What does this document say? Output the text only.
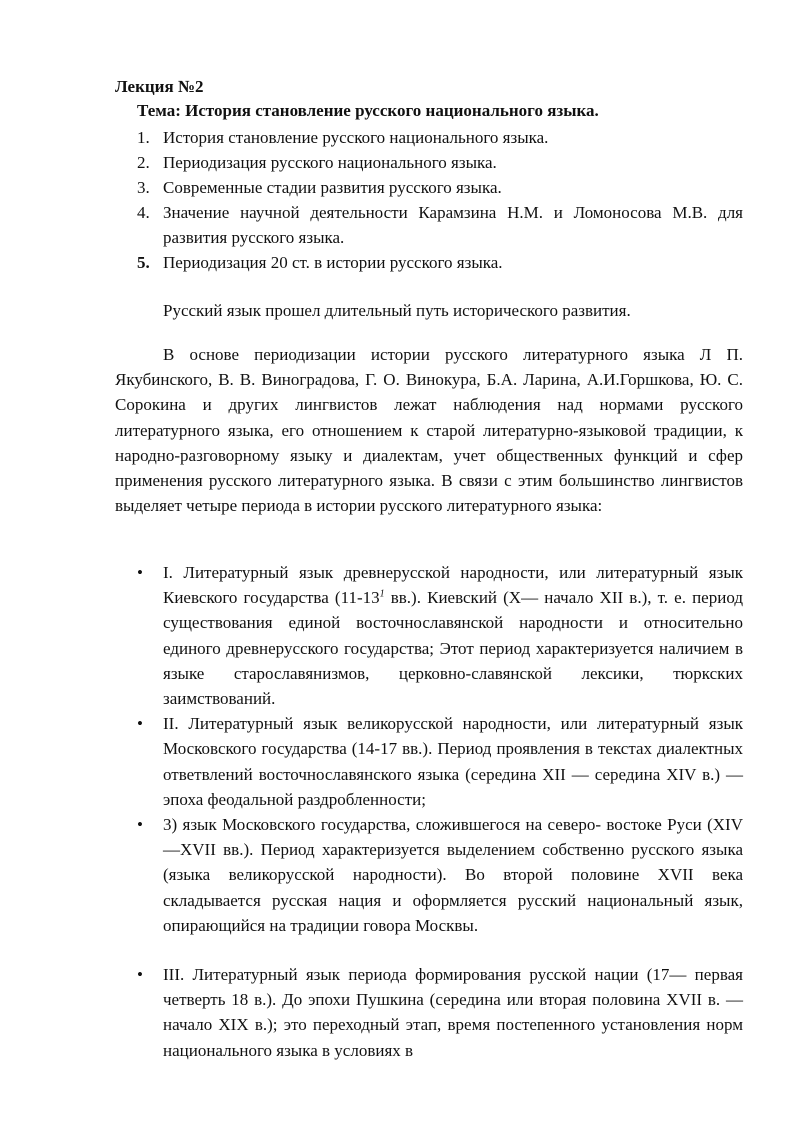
Лекция №2

Тема: История становление русского национального языка.

1. История становление русского национального языка.
2. Периодизация русского национального языка.
3. Современные стадии развития русского языка.
4. Значение научной деятельности Карамзина Н.М. и Ломоносова М.В. для развития русского языка.
5. Периодизация 20 ст. в истории русского языка.

Русский язык прошел длительный путь исторического развития.

В основе периодизации истории русского литературного языка Л П. Якубинского, В. В. Виноградова, Г. О. Винокура, Б.А. Ларина, А.И.Горшкова, Ю. С. Сорокина и других лингвистов лежат наблюдения над нормами русского литературного языка, его отношением к старой литературно-языковой традиции, к народно-разговорному языку и диалектам, учет общественных функций и сфер применения русского литературного языка. В связи с этим большинство лингвистов выделяет четыре периода в истории русского литературного языка:

•	I. Литературный язык древнерусской народности, или литературный язык Киевского государства ($11-13^1$ вв.). Киевский (X— начало XII в.), т. е. период существования единой восточнославянской народности и относительно единого древнерусского государства; Этот период характеризуется наличием в языке старославянизмов, церковно-славянской лексики, тюркских заимствований.
•	II. Литературный язык великорусской народности, или литературный язык Московского государства (14-17 вв.). Период проявления в текстах диалектных ответвлений восточнославянского языка (середина XII — середина XIV в.) — эпоха феодальной раздробленности;
•	3) язык Московского государства, сложившегося на северо- востоке Руси (XIV—XVII вв.). Период характеризуется выделением собственно русского языка (языка великорусской народности). Во второй половине XVII века складывается русская нация и оформляется русский национальный язык, опирающийся на традиции говора Москвы.
•	III. Литературный язык периода формирования русской нации (17— первая четверть 18 в.). До эпохи Пушкина (середина или вторая половина XVII в. — начало XIX в.); это переходный этап, время постепенного установления норм национального языка в условиях в
